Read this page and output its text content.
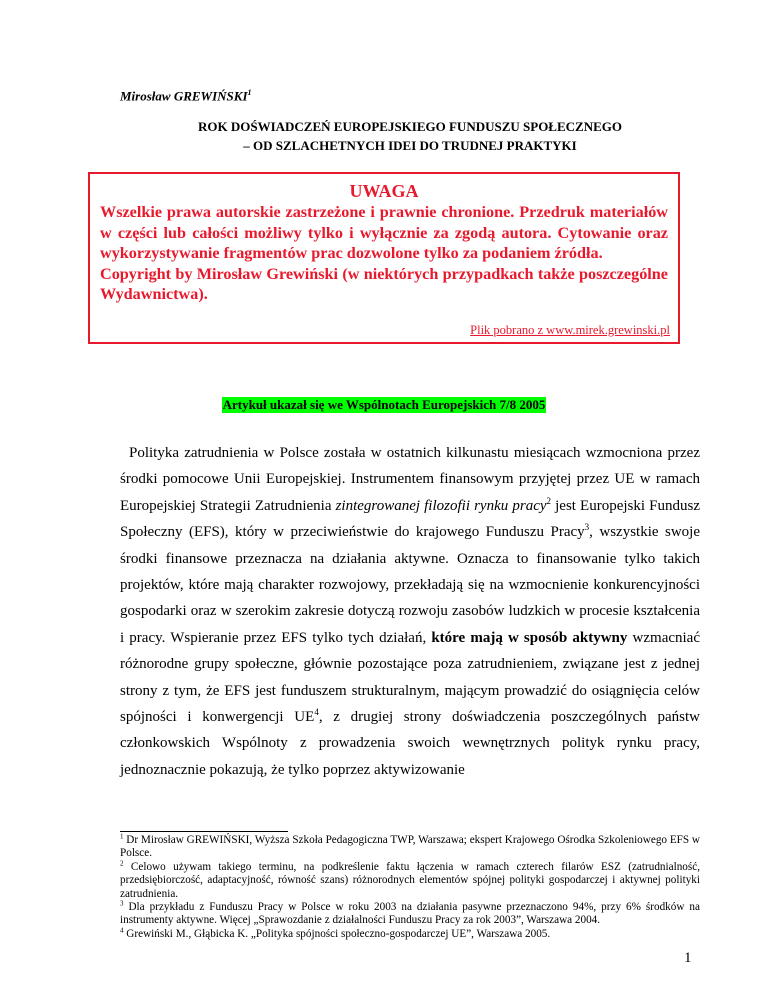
Mirosław GREWIŃSKI$^1$
ROK DOŚWIADCZEŃ EUROPEJSKIEGO FUNDUSZU SPOŁECZNEGO
– OD SZLACHETNYCH IDEI DO TRUDNEJ PRAKTYKI
UWAGA
Wszelkie prawa autorskie zastrzeżone i prawnie chronione. Przedruk materiałów w części lub całości możliwy tylko i wyłącznie za zgodą autora. Cytowanie oraz wykorzystywanie fragmentów prac dozwolone tylko za podaniem źródła.
Copyright by Mirosław Grewiński (w niektórych przypadkach także poszczególne Wydawnictwa).
Plik pobrano z www.mirek.grewinski.pl
Artykuł ukazał się we Wspólnotach Europejskich 7/8 2005

Polityka zatrudnienia w Polsce została w ostatnich kilkunastu miesiącach wzmocniona przez środki pomocowe Unii Europejskiej. Instrumentem finansowym przyjętej przez UE w ramach Europejskiej Strategii Zatrudnienia zintegrowanej filozofii rynku pracy$^2$ jest Europejski Fundusz Społeczny (EFS), który w przeciwieństwie do krajowego Funduszu Pracy$^3$, wszystkie swoje środki finansowe przeznacza na działania aktywne. Oznacza to finansowanie tylko takich projektów, które mają charakter rozwojowy, przekładają się na wzmocnienie konkurencyjności gospodarki oraz w szerokim zakresie dotyczą rozwoju zasobów ludzkich w procesie kształcenia i pracy. Wspieranie przez EFS tylko tych działań, które mają w sposób aktywny wzmacniać różnorodne grupy społeczne, głównie pozostające poza zatrudnieniem, związane jest z jednej strony z tym, że EFS jest funduszem strukturalnym, mającym prowadzić do osiągnięcia celów spójności i konwergencji $UE^4$, z drugiej strony doświadczenia poszczególnych państw członkowskich Wspólnoty z prowadzenia swoich wewnętrznych polityk rynku pracy, jednoznacznie pokazują, że tylko poprzez aktywizowanie

$^1$ Dr Mirosław GREWIŃSKI, Wyższa Szkoła Pedagogiczna TWP, Warszawa; ekspert Krajowego Ośrodka Szkoleniowego EFS w Polsce.
$^2$ Celowo używam takiego terminu, na podkreślenie faktu łączenia w ramach czterech filarów ESZ (zatrudnialność, przedsiębiorczość, adaptacyjność, równość szans) różnorodnych elementów spójnej polityki gospodarczej i aktywnej polityki zatrudnienia.
$^3$ Dla przykładu z Funduszu Pracy w Polsce w roku 2003 na działania pasywne przeznaczono 94%, przy 6% środków na instrumenty aktywne. Więcej „Sprawozdanie z działalności Funduszu Pracy za rok 2003”, Warszawa 2004.
$^4$ Grewiński M., Głąbicka K. „Polityka spójności społeczno-gospodarczej UE”, Warszawa 2005.
1
